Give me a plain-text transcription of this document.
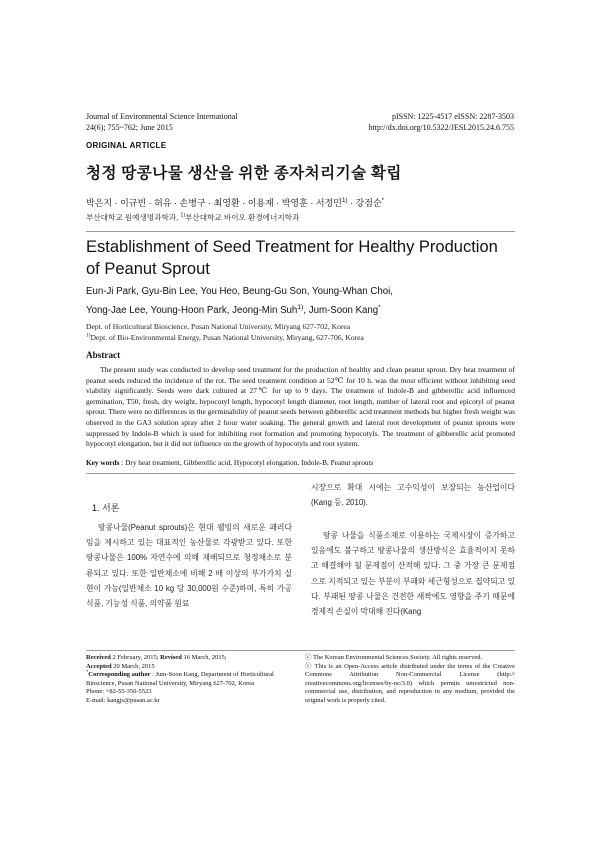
Journal of Environmental Science International
24(6); 755~762; June 2015
pISSN: 1225-4517 eISSN: 2287-3503
http://dx.doi.org/10.5322/JESI.2015.24.6.755
ORIGINAL ARTICLE
청정 땅콩나물 생산을 위한 종자처리기술 확립
박은지 · 이규빈 · 허유 · 손병구 · 최영환 · 이용재 · 박영훈 · 서정민$^{1)}$ · 강점순*
부산대학교 원예생명과학과, $^{1)}$부산대학교 바이오 환경에너지학과
Establishment of Seed Treatment for Healthy Production of Peanut Sprout
Eun-Ji Park, Gyu-Bin Lee, You Heo, Beung-Gu Son, Young-Whan Choi,
Yong-Jae Lee, Young-Hoon Park, Jeong-Min Suh$^{1)}$, Jum-Soon Kang*
Dept. of Horticultural Bioscience, Pusan National University, Miryang 627-702, Korea
$^{1)}$Dept. of Bio-Environmental Energy, Pusan National University, Miryang, 627-706, Korea
Abstract
The present study was conducted to develop seed treatment for the production of healthy and clean peanut sprout. Dry heat treatment of peanut seeds reduced the incidence of the rot. The seed treatment condition at 52℃ for 10 h. was the most efficient without inhibiting seed viability significantly. Seeds were dark cultured at 27℃ for up to 9 days. The treatment of Indole-B and gibberellic acid influenced germination, T50, fresh, dry weight, hypocotyl length, hypocotyl length diameter, root length, number of lateral root and epicotyl of peanut sprout. There were no differences in the germinability of peanut seeds between gibberellic acid treatment methods but higher fresh weight was observed in the GA3 solution spray after 2 hour water soaking. The general growth and lateral root development of peanut sprouts were suppressed by Indole-B which is used for inhibiting root formation and promoting hypocotyls. The treatment of gibberellic acid promoted hypocotyl elongation, but it did not influence on the growth of hypocotyls and root system.
Key words : Dry heat treatment, Gibberellic acid, Hypocotyl elongation, Indole-B, Peanut sprouts
1. 서론
땅콩나물(Peanut sprouts)은 현대 웰빙의 새로운 패러다임을 제시하고 있는 대표적인 농산물로 각광받고 있다. 또한 땅콩나물은 100% 자연수에 의해 재배되므로 청정채소로 분류되고 있다. 또한 일반채소에 비해 2 배 이상의 부가가치 실현이 가능(일반채소 10 kg 당 30,000원 수준)하며, 특히 가공식품, 기능성 식품, 의약품 원료
시장으로 확대 시에는 고수익성이 보장되는 농산업이다(Kang 등, 2010).
땅콩 나물을 식품소재로 이용하는 국제시장이 증가하고 있음에도 불구하고 땅콩나물의 생산방식은 효율적이지 못하고 해결해야 될 문제점이 산적해 있다. 그 중 가장 큰 문제점으로 지적되고 있는 부분이 부패와 세근형성으로 집약되고 있다. 부패된 땅콩 나물은 건전한 새싹에도 영향을 주기 때문에 경제적 손실이 막대해 진다(Kang
Received 2 February, 2015; Revised 16 March, 2015;
Accepted 20 March, 2015
*Corresponding author : Jum-Soon Kang, Department of Horticultural Bioscience, Pusan National University, Miryang 627-702, Korea
Phone: +82-55-350-5523
E-mail: kangjs@pusan.ac.kr
ⓒ The Korean Environmental Sciences Society. All rights reserved.
ⓒ This is an Open-Access article distributed under the terms of the Creative Commons Attribution Non-Commercial License (http:// creativecommons.org/licenses/by-nc/3.0) which permits unrestricted non-commercial use, distribution, and reproduction in any medium, provided the original work is properly cited.
